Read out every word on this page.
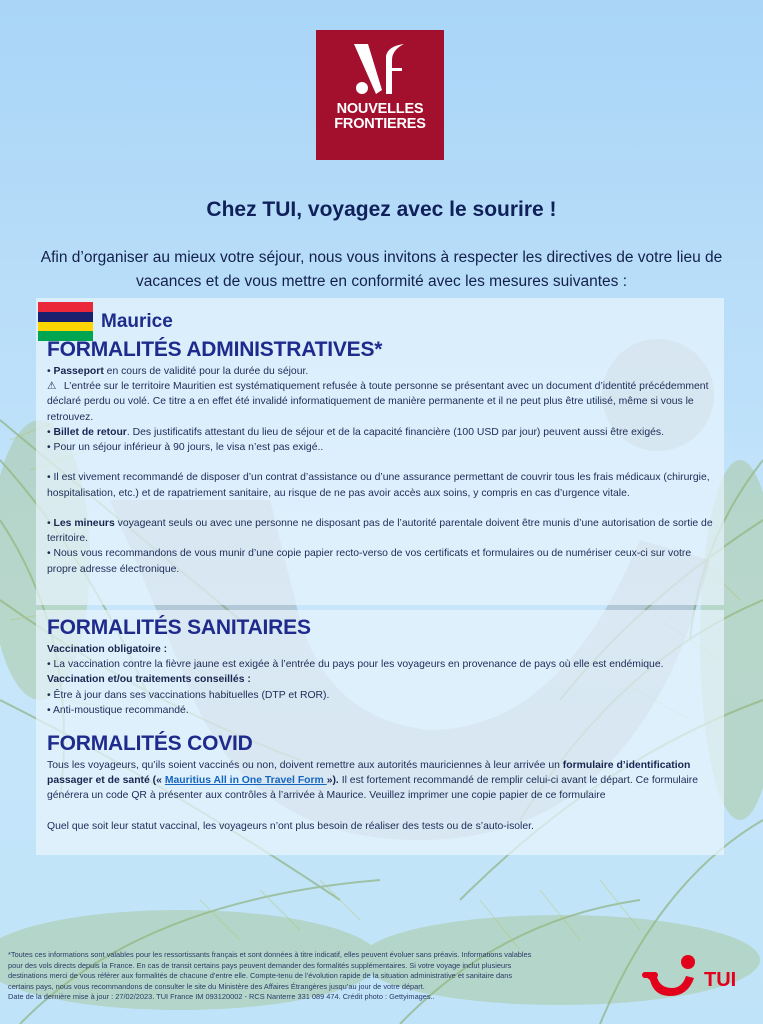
NOUVELLES
FRONTIERES
Chez TUI, voyagez avec le sourire !
Afin d’organiser au mieux votre séjour, nous vous invitons à respecter les directives de votre lieu de vacances et de vous mettre en conformité avec les mesures suivantes :
Maurice
FORMALITÉS ADMINISTRATIVES*

• Passeport en cours de validité pour la durée du séjour.

⚠ L’entrée sur le territoire Mauritien est systématiquement refusée à toute personne se présentant avec un document d’identité précédemment déclaré perdu ou volé. Ce titre a en effet été invalidé informatiquement de manière permanente et il ne peut plus être utilisé, même si vous le retrouvez.

• Billet de retour. Des justificatifs attestant du lieu de séjour et de la capacité financière (100 USD par jour) peuvent aussi être exigés.

• Pour un séjour inférieur à 90 jours, le visa n’est pas exigé..

• Il est vivement recommandé de disposer d’un contrat d’assistance ou d’une assurance permettant de couvrir tous les frais médicaux (chirurgie, hospitalisation, etc.) et de rapatriement sanitaire, au risque de ne pas avoir accès aux soins, y compris en cas d’urgence vitale.

• Les mineurs voyageant seuls ou avec une personne ne disposant pas de l’autorité parentale doivent être munis d’une autorisation de sortie de territoire.

• Nous vous recommandons de vous munir d’une copie papier recto-verso de vos certificats et formulaires ou de numériser ceux-ci sur votre propre adresse électronique.

FORMALITÉS SANITAIRES

Vaccination obligatoire :

• La vaccination contre la fièvre jaune est exigée à l’entrée du pays pour les voyageurs en provenance de pays où elle est endémique.

Vaccination et/ou traitements conseillés :

• Être à jour dans ses vaccinations habituelles (DTP et ROR).

• Anti-moustique recommandé.

FORMALITÉS COVID

Tous les voyageurs, qu’ils soient vaccinés ou non, doivent remettre aux autorités mauriciennes à leur arrivée un formulaire d’identification passager et de santé (« Mauritius All in One Travel Form »). Il est fortement recommandé de remplir celui-ci avant le départ. Ce formulaire générera un code QR à présenter aux contrôles à l’arrivée à Maurice. Veuillez imprimer une copie papier de ce formulaire

Quel que soit leur statut vaccinal, les voyageurs n’ont plus besoin de réaliser des tests ou de s’auto-isoler.

*Toutes ces informations sont valables pour les ressortissants français et sont données à titre indicatif, elles peuvent évoluer sans préavis. Informations valables

pour des vols directs depuis la France. En cas de transit certains pays peuvent demander des formalités supplémentaires. Si votre voyage inclut plusieurs

destinations merci de vous référer aux formalités de chacune d’entre elle. Compte-tenu de l’évolution rapide de la situation administrative et sanitaire dans

certains pays, nous vous recommandons de consulter le site du Ministère des Affaires Étrangères jusqu’au jour de votre départ.

Date de la dernière mise à jour : 27/02/2023. TUI France IM 093120002 - RCS Nanterre 331 089 474. Crédit photo : Gettyimages..

TUI
